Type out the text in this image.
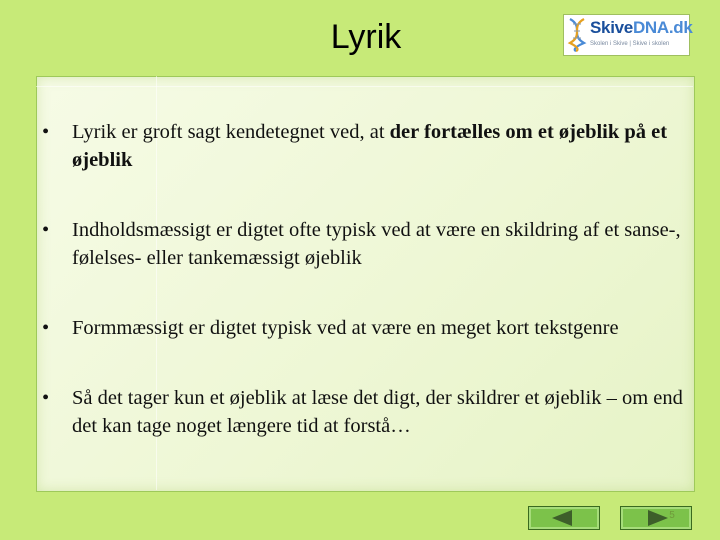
Lyrik	SkiveDNA.dk
Skolen i Skive | Skive i skolen
• Lyrik er groft sagt kendetegnet ved, at der fortælles om et øjeblik på et øjeblik
• Indholdsmæssigt er digtet ofte typisk ved at være en skildring af et sanse-, følelses- eller tankemæssigt øjeblik
• Formmæssigt er digtet typisk ved at være en meget kort tekstgenre
• Så det tager kun et øjeblik at læse det digt, der skildrer et øjeblik – om end det kan tage noget længere tid at forstå…
5
